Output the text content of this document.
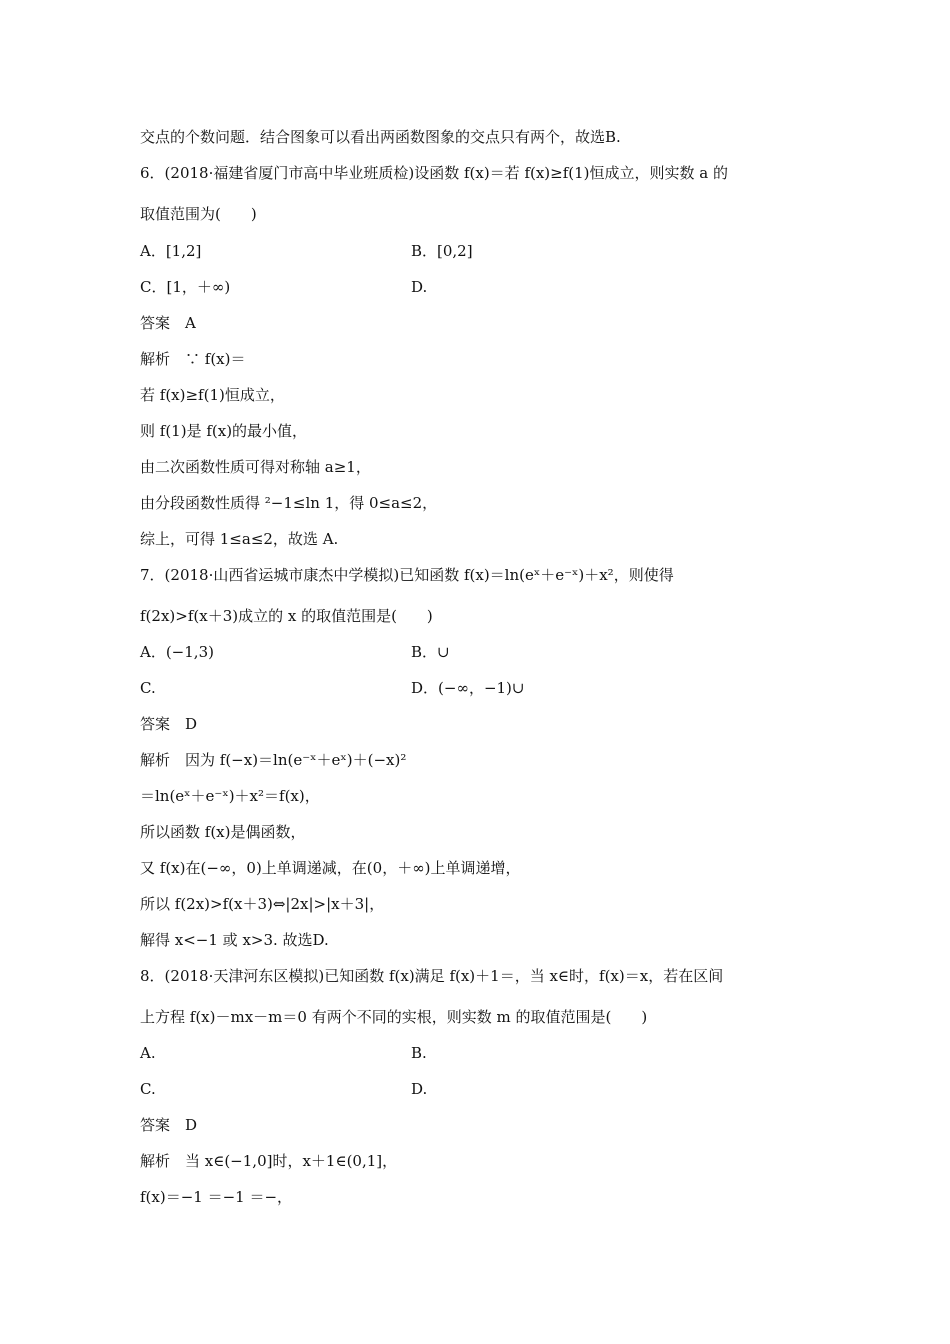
交点的个数问题．结合图象可以看出两函数图象的交点只有两个，故选B.
6．(2018·福建省厦门市高中毕业班质检)设函数 f(x)＝若 f(x)≥f(1)恒成立，则实数 a 的
取值范围为(　　)
A．[1,2]	B．[0,2]
C．[1，＋∞)	D.
答案　A
解析　∵ f(x)＝
若 f(x)≥f(1)恒成立，
则 f(1)是 f(x)的最小值，
由二次函数性质可得对称轴 a≥1，
由分段函数性质得 ²−1≤ln 1，得 0≤a≤2，
综上，可得 1≤a≤2，故选 A.
7．(2018·山西省运城市康杰中学模拟)已知函数 f(x)＝ln(eˣ＋e⁻ˣ)＋x²，则使得
f(2x)>f(x＋3)成立的 x 的取值范围是(　　)
A．(−1,3)	B．∪
C.	D．(−∞，−1)∪
答案　D
解析　因为 f(−x)＝ln(e⁻ˣ＋eˣ)＋(−x)²
＝ln(eˣ＋e⁻ˣ)＋x²＝f(x)，
所以函数 f(x)是偶函数，
又 f(x)在(−∞，0)上单调递减，在(0，＋∞)上单调递增，
所以 f(2x)>f(x＋3)⇔|2x|>|x＋3|，
解得 x<−1 或 x>3. 故选D.
8．(2018·天津河东区模拟)已知函数 f(x)满足 f(x)＋1＝，当 x∈时，f(x)＝x，若在区间
上方程 f(x)－mx－m＝0 有两个不同的实根，则实数 m 的取值范围是(　　)
A.	B.
C.	D.
答案　D
解析　当 x∈(−1,0]时，x＋1∈(0,1]，
f(x)＝−1 ＝−1 ＝−，
